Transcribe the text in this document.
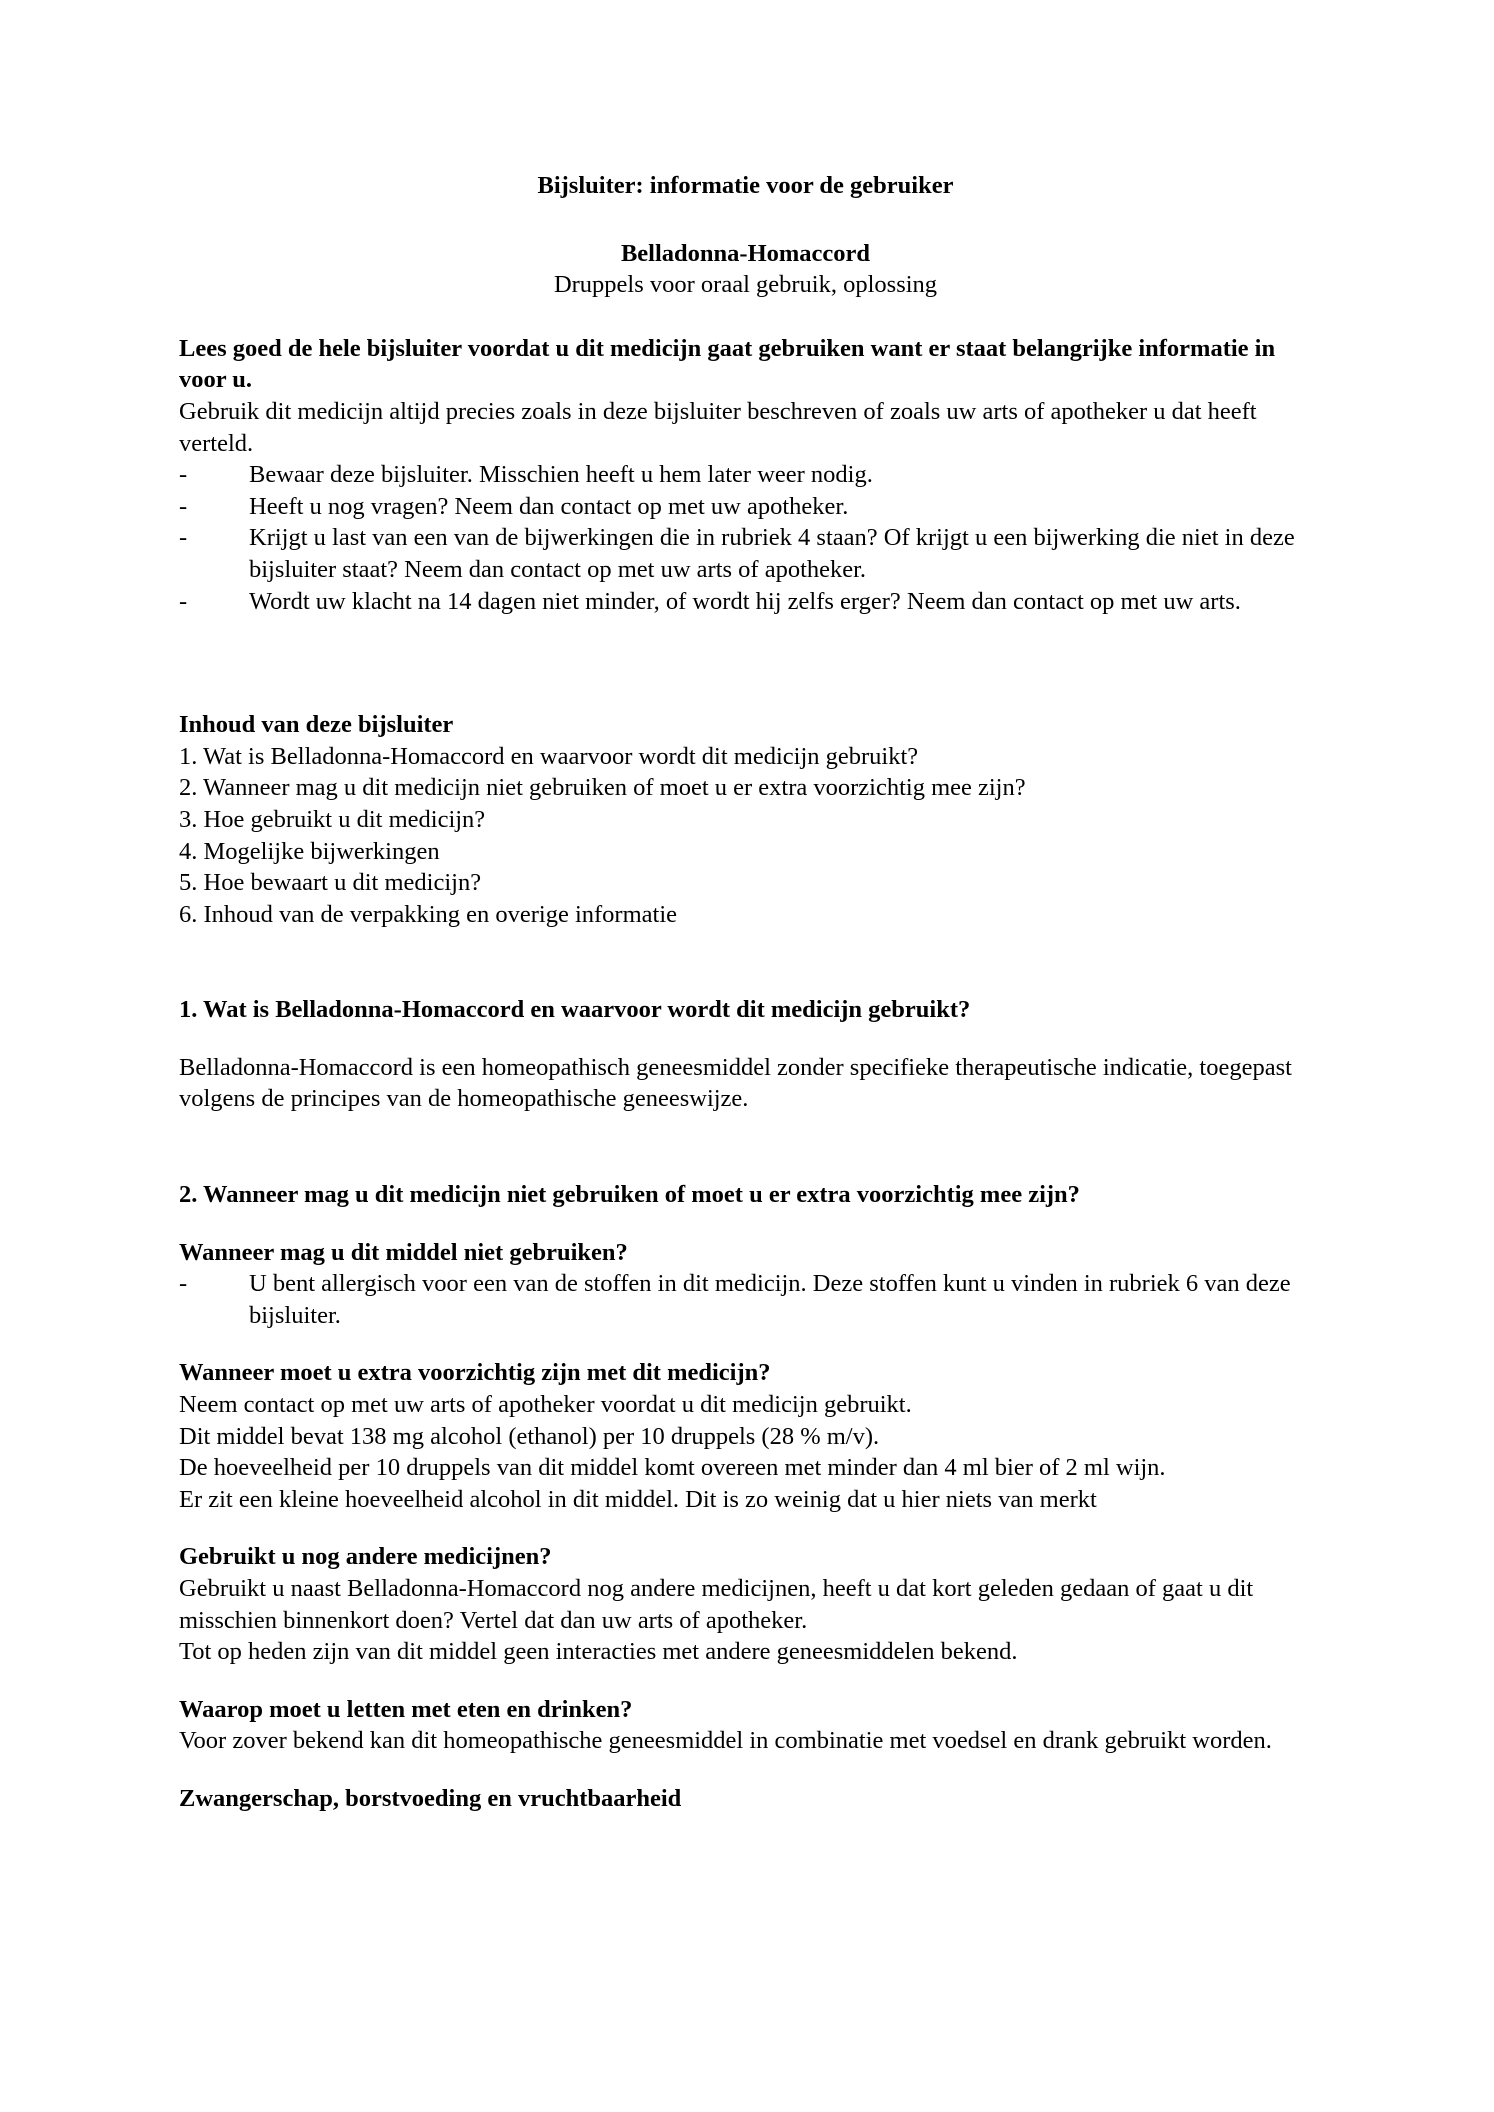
Bijsluiter: informatie voor de gebruiker

Belladonna-Homaccord

Druppels voor oraal gebruik, oplossing

Lees goed de hele bijsluiter voordat u dit medicijn gaat gebruiken want er staat belangrijke informatie in voor u.

Gebruik dit medicijn altijd precies zoals in deze bijsluiter beschreven of zoals uw arts of apotheker u dat heeft verteld.

-	Bewaar deze bijsluiter. Misschien heeft u hem later weer nodig.
-	Heeft u nog vragen? Neem dan contact op met uw apotheker.
-	Krijgt u last van een van de bijwerkingen die in rubriek 4 staan? Of krijgt u een bijwerking die niet in deze bijsluiter staat? Neem dan contact op met uw arts of apotheker.
-	Wordt uw klacht na 14 dagen niet minder, of wordt hij zelfs erger? Neem dan contact op met uw arts.

Inhoud van deze bijsluiter

1. Wat is Belladonna-Homaccord en waarvoor wordt dit medicijn gebruikt?

2. Wanneer mag u dit medicijn niet gebruiken of moet u er extra voorzichtig mee zijn?

3. Hoe gebruikt u dit medicijn?

4. Mogelijke bijwerkingen

5. Hoe bewaart u dit medicijn?

6. Inhoud van de verpakking en overige informatie

1. Wat is Belladonna-Homaccord en waarvoor wordt dit medicijn gebruikt?

Belladonna-Homaccord is een homeopathisch geneesmiddel zonder specifieke therapeutische indicatie, toegepast volgens de principes van de homeopathische geneeswijze.

2. Wanneer mag u dit medicijn niet gebruiken of moet u er extra voorzichtig mee zijn?

Wanneer mag u dit middel niet gebruiken?

-	U bent allergisch voor een van de stoffen in dit medicijn. Deze stoffen kunt u vinden in rubriek 6 van deze bijsluiter.

Wanneer moet u extra voorzichtig zijn met dit medicijn?

Neem contact op met uw arts of apotheker voordat u dit medicijn gebruikt.

Dit middel bevat 138 mg alcohol (ethanol) per 10 druppels (28 % m/v).

De hoeveelheid per 10 druppels van dit middel komt overeen met minder dan 4 ml bier of 2 ml wijn.

Er zit een kleine hoeveelheid alcohol in dit middel. Dit is zo weinig dat u hier niets van merkt

Gebruikt u nog andere medicijnen?

Gebruikt u naast Belladonna-Homaccord nog andere medicijnen, heeft u dat kort geleden gedaan of gaat u dit misschien binnenkort doen? Vertel dat dan uw arts of apotheker.

Tot op heden zijn van dit middel geen interacties met andere geneesmiddelen bekend.

Waarop moet u letten met eten en drinken?

Voor zover bekend kan dit homeopathische geneesmiddel in combinatie met voedsel en drank gebruikt worden.

Zwangerschap, borstvoeding en vruchtbaarheid
